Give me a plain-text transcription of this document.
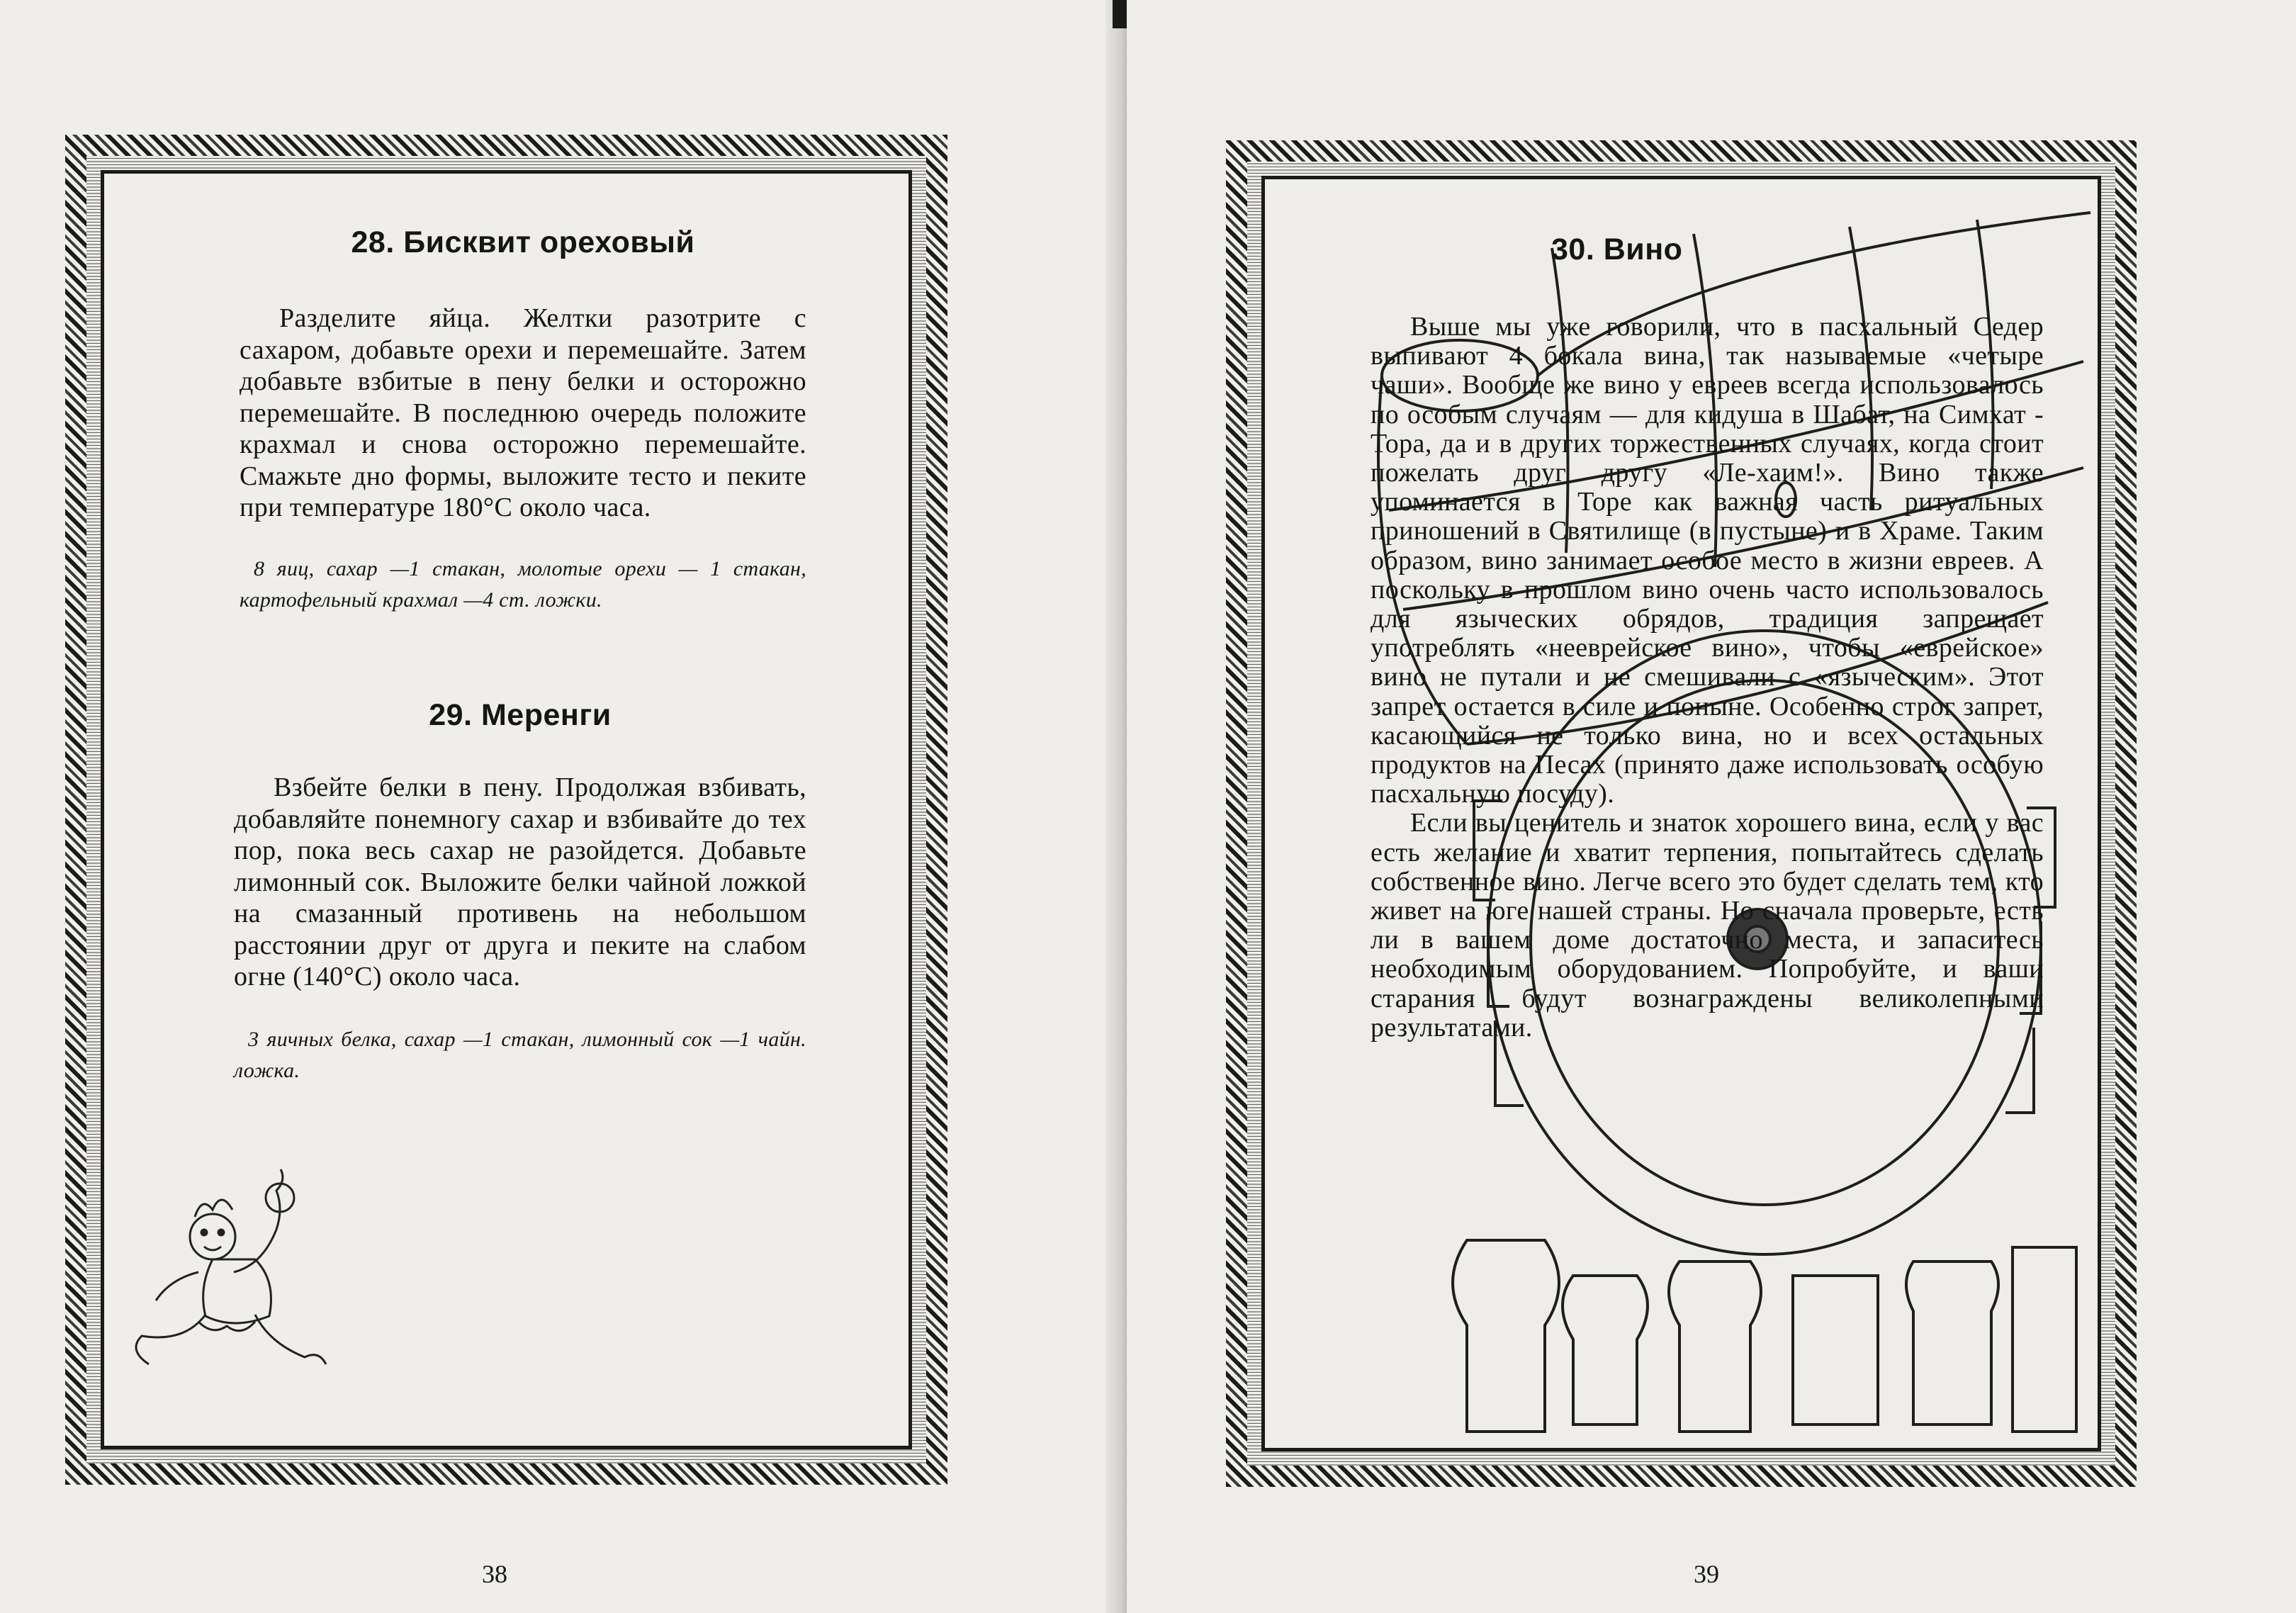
28. Бисквит ореховый

Разделите яйца. Желтки разотрите с сахаром, добавьте орехи и перемешайте. Затем добавьте взбитые в пену белки и осторожно перемешайте. В последнюю очередь положите крахмал и снова осторожно перемешайте. Смажьте дно формы, выложите тесто и пеките при температуре 180°С около часа.

8 яиц, сахар —1 стакан, молотые орехи — 1 стакан, картофельный крахмал —4 ст. ложки.

29. Меренги

Взбейте белки в пену. Продолжая взбивать, добавляйте понемногу сахар и взбивайте до тех пор, пока весь сахар не разойдется. Добавьте лимонный сок. Выложите белки чайной ложкой на смазанный противень на небольшом расстоянии друг от друга и пеките на слабом огне (140°С) около часа.

3 яичных белка, сахар —1 стакан, лимонный сок —1 чайн. ложка.

38
30. Вино

Выше мы уже говорили, что в пасхальный Седер выпивают 4 бокала вина, так называемые «четыре чаши». Вообще же вино у евреев всегда использовалось по особым случаям — для кидуша в Шабат, на Симхат - Тора, да и в других торжественных случаях, когда стоит пожелать друг другу «Ле-хаим!». Вино также упоминается в Торе как важная часть ритуальных приношений в Святилище (в пустыне) и в Храме. Таким образом, вино занимает особое место в жизни евреев. А поскольку в прошлом вино очень часто использовалось для языческих обрядов, традиция запрещает употреблять «нееврейское вино», чтобы «еврейское» вино не путали и не смешивали с «языческим». Этот запрет остается в силе и поныне. Особенно строг запрет, касающийся не только вина, но и всех остальных продуктов на Песах (принято даже использовать особую пасхальную посуду).

Если вы ценитель и знаток хорошего вина, если у вас есть желание и хватит терпения, попытайтесь сделать собственное вино. Легче всего это будет сделать тем, кто живет на юге нашей страны. Но сначала проверьте, есть ли в вашем доме достаточно места, и запаситесь необходимым оборудованием. Попробуйте, и ваши старания будут вознаграждены великолепными результатами.

39
